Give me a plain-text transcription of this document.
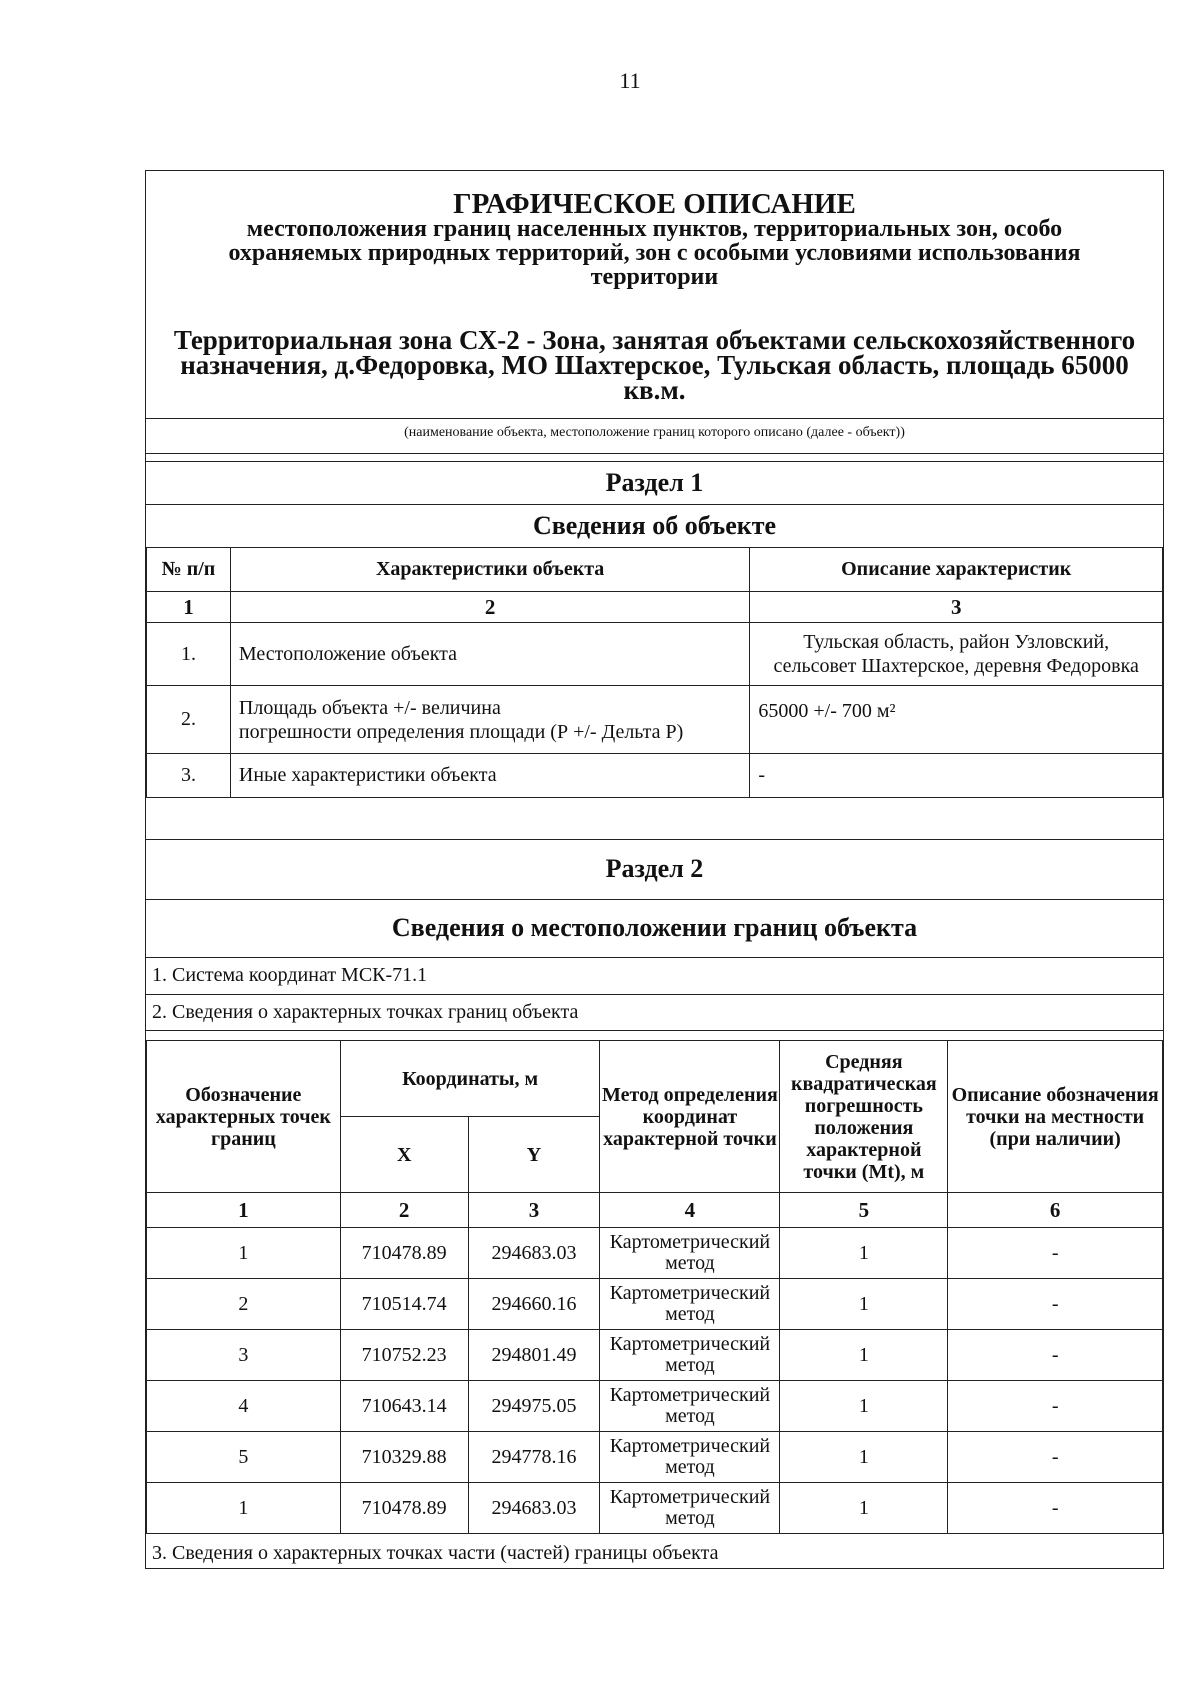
11
ГРАФИЧЕСКОЕ ОПИСАНИЕ
местоположения границ населенных пунктов, территориальных зон, особо
охраняемых природных территорий, зон с особыми условиями использования
территории
Территориальная зона СХ-2 - Зона, занятая объектами сельскохозяйственного
назначения, д.Федоровка, МО Шахтерское, Тульская область, площадь 65000
кв.м.
(наименование объекта, местоположение границ которого описано (далее - объект))
Раздел 1
Сведения об объекте
№ п/п	Характеристики объекта	Описание характеристик
1	2	3
1.	Местоположение объекта	Тульская область, район Узловский,
сельсовет Шахтерское, деревня Федоровка

2.	Площадь объекта +/- величина
погрешности определения площади (Р +/- Дельта Р)	65000 +/- 700 м²

3.	Иные характеристики объекта	-
Раздел 2
Сведения о местоположении границ объекта
1. Система координат МСК-71.1
2. Сведения о характерных точках границ объекта
Обозначение характерных точек границ	Координаты, м		Метод определения координат характерной точки	Средняя квадратическая погрешность положения характерной точки (Mt), м	Описание обозначения точки на местности (при наличии)
	X	Y			
1	2	3	4	5	6
1	710478.89	294683.03	Картометрический
метод	1	-
2	710514.74	294660.16	Картометрический
метод	1	-
3	710752.23	294801.49	Картометрический
метод	1	-
4	710643.14	294975.05	Картометрический
метод	1	-
5	710329.88	294778.16	Картометрический
метод	1	-
1	710478.89	294683.03	Картометрический
метод	1	-
3. Сведения о характерных точках части (частей) границы объекта
